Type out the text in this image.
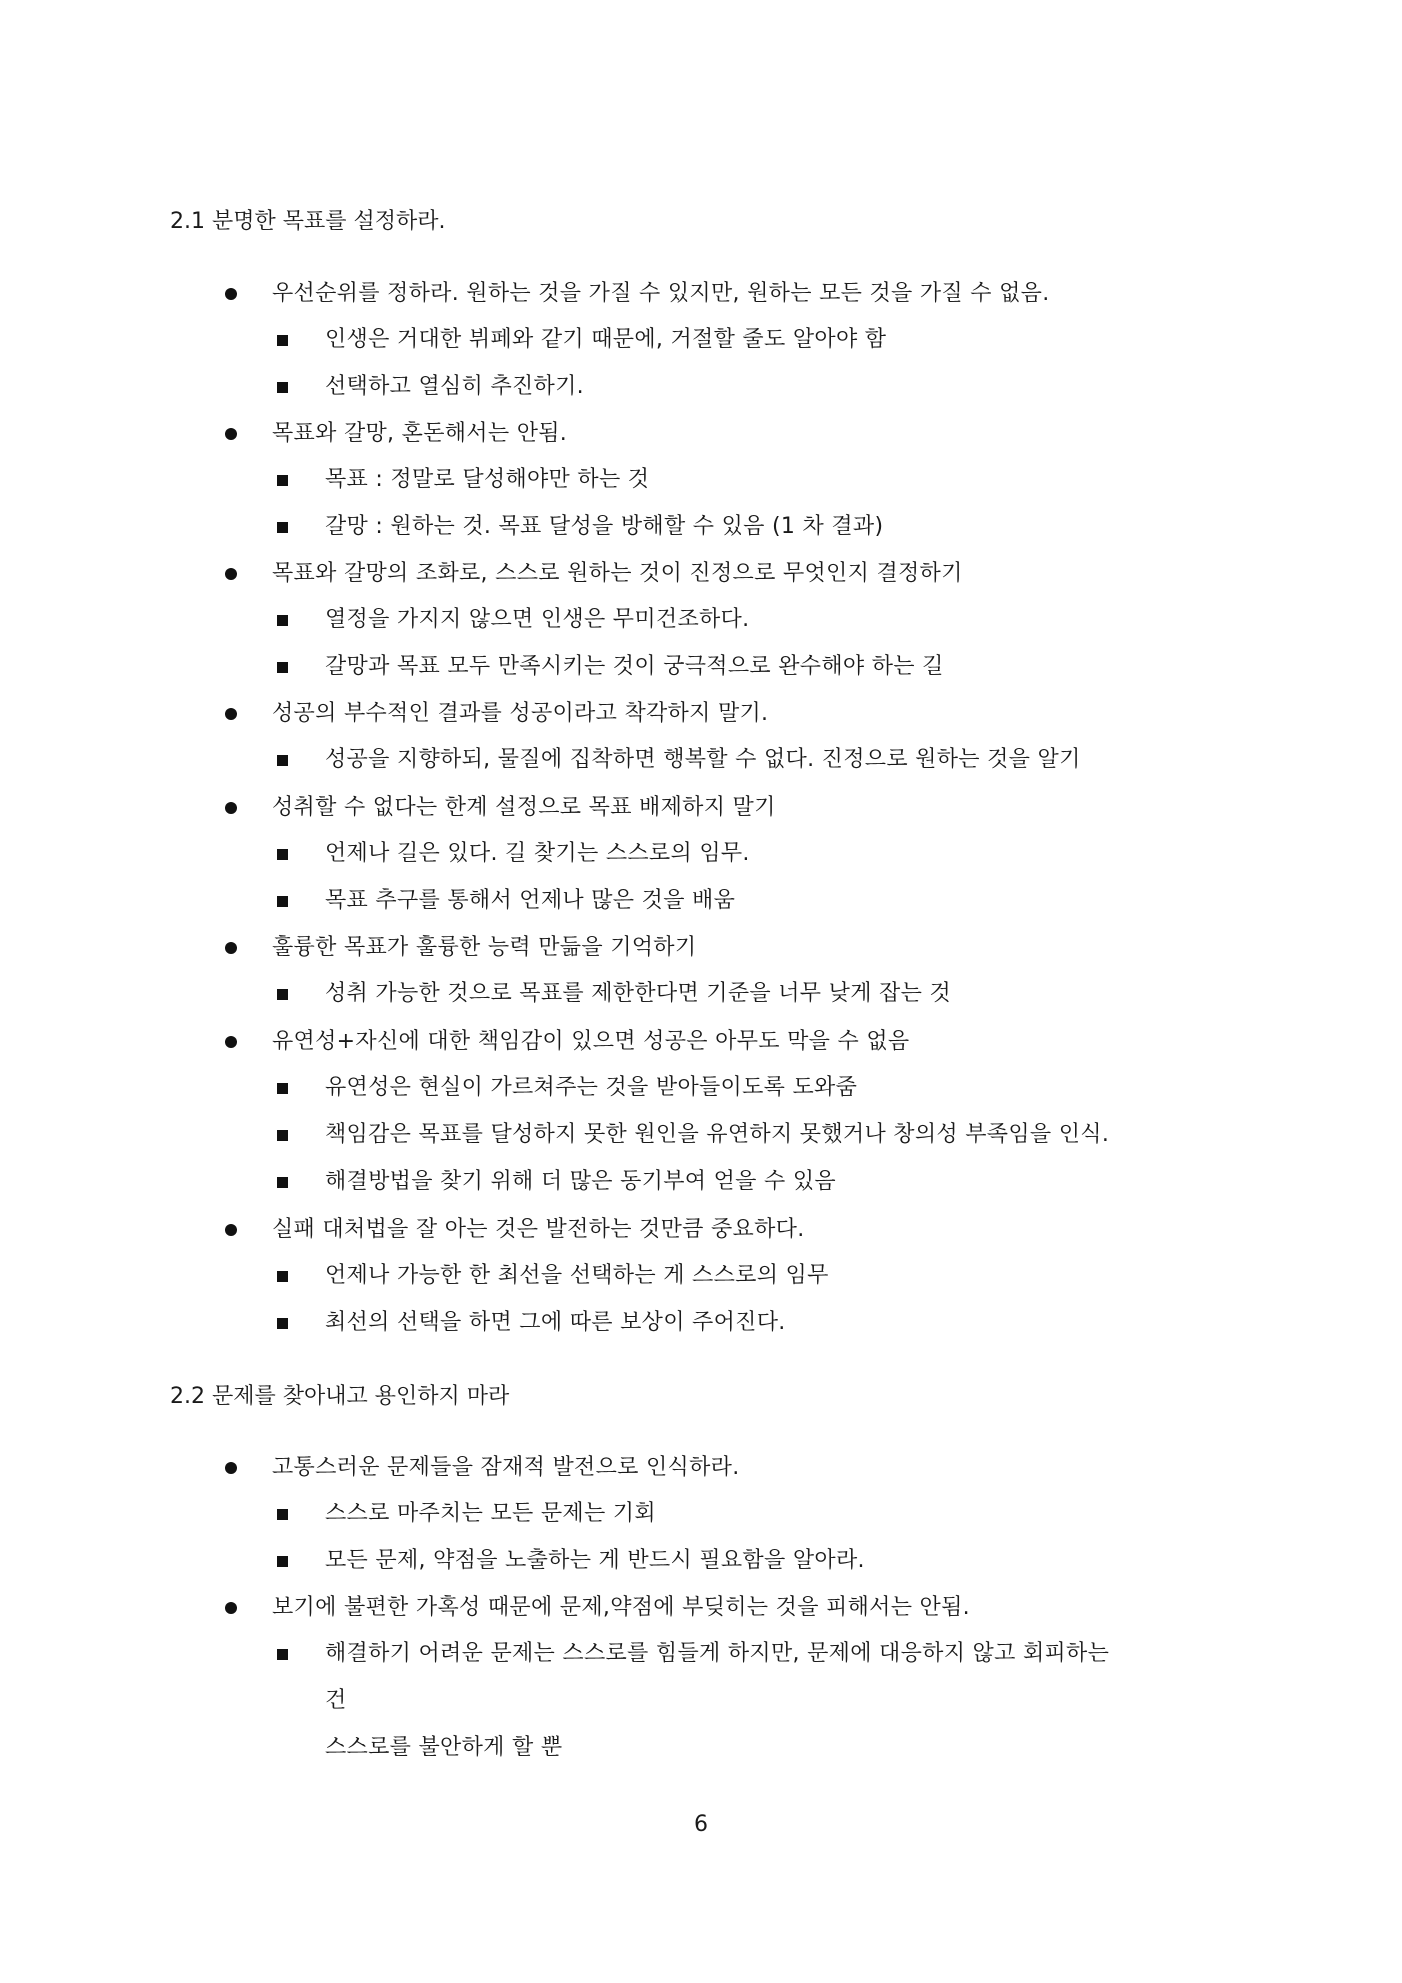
2.1 분명한 목표를 설정하라.
우선순위를 정하라. 원하는 것을 가질 수 있지만, 원하는 모든 것을 가질 수 없음.
인생은 거대한 뷔페와 같기 때문에, 거절할 줄도 알아야 함
선택하고 열심히 추진하기.
목표와 갈망, 혼돈해서는 안됨.
목표 : 정말로 달성해야만 하는 것
갈망 : 원하는 것. 목표 달성을 방해할 수 있음 (1 차 결과)
목표와 갈망의 조화로, 스스로 원하는 것이 진정으로 무엇인지 결정하기
열정을 가지지 않으면 인생은 무미건조하다.
갈망과 목표 모두 만족시키는 것이 궁극적으로 완수해야 하는 길
성공의 부수적인 결과를 성공이라고 착각하지 말기.
성공을 지향하되, 물질에 집착하면 행복할 수 없다. 진정으로 원하는 것을 알기
성취할 수 없다는 한계 설정으로 목표 배제하지 말기
언제나 길은 있다. 길 찾기는 스스로의 임무.
목표 추구를 통해서 언제나 많은 것을 배움
훌륭한 목표가 훌륭한 능력 만듦을 기억하기
성취 가능한 것으로 목표를 제한한다면 기준을 너무 낮게 잡는 것
유연성+자신에 대한 책임감이 있으면 성공은 아무도 막을 수 없음
유연성은 현실이 가르쳐주는 것을 받아들이도록 도와줌
책임감은 목표를 달성하지 못한 원인을 유연하지 못했거나 창의성 부족임을 인식.
해결방법을 찾기 위해 더 많은 동기부여 얻을 수 있음
실패 대처법을 잘 아는 것은 발전하는 것만큼 중요하다.
언제나 가능한 한 최선을 선택하는 게 스스로의 임무
최선의 선택을 하면 그에 따른 보상이 주어진다.
2.2 문제를 찾아내고 용인하지 마라
고통스러운 문제들을 잠재적 발전으로 인식하라.
스스로 마주치는 모든 문제는 기회
모든 문제, 약점을 노출하는 게 반드시 필요함을 알아라.
보기에 불편한 가혹성 때문에 문제,약점에 부딪히는 것을 피해서는 안됨.
해결하기 어려운 문제는 스스로를 힘들게 하지만, 문제에 대응하지 않고 회피하는
건
스스로를 불안하게 할 뿐
6
